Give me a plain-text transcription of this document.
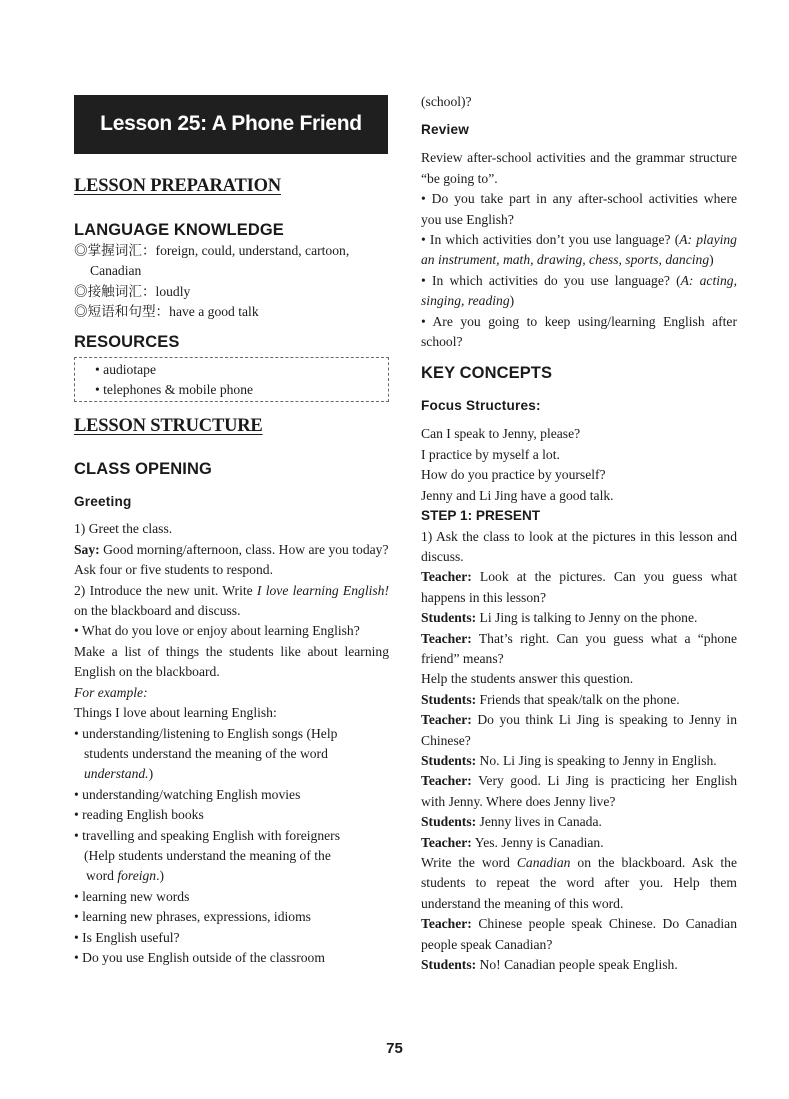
Lesson 25: A Phone Friend
LESSON PREPARATION
LANGUAGE KNOWLEDGE

◎掌握词汇：foreign, could, understand, cartoon,

Canadian

◎接触词汇：loudly

◎短语和句型：have a good talk

RESOURCES

• audiotape

• telephones & mobile phone

LESSON STRUCTURE
CLASS OPENING
Greeting

1) Greet the class.

Say: Good morning/afternoon, class. How are you today?

Ask four or five students to respond.

2) Introduce the new unit. Write I love learning English! on the blackboard and discuss.

• What do you love or enjoy about learning English?

Make a list of things the students like about learning English on the blackboard.

For example:

Things I love about learning English:

• understanding/listening to English songs (Help

students understand the meaning of the word

understand.)

• understanding/watching English movies

• reading English books

• travelling and speaking English with foreigners

(Help students understand the meaning of the

word foreign.)

• learning new words

• learning new phrases, expressions, idioms

• Is English useful?

• Do you use English outside of the classroom

(school)?

Review

Review after-school activities and the grammar structure “be going to”.

• Do you take part in any after-school activities where you use English?

• In which activities don’t you use language? (A: playing an instrument, math, drawing, chess, sports, dancing)

• In which activities do you use language? (A: acting, singing, reading)

• Are you going to keep using/learning English after school?

KEY CONCEPTS
Focus Structures:

Can I speak to Jenny, please?

I practice by myself a lot.

How do you practice by yourself?

Jenny and Li Jing have a good talk.

STEP 1: PRESENT

1) Ask the class to look at the pictures in this lesson and discuss.

Teacher: Look at the pictures. Can you guess what happens in this lesson?

Students: Li Jing is talking to Jenny on the phone.

Teacher: That’s right. Can you guess what a “phone friend” means?

Help the students answer this question.

Students: Friends that speak/talk on the phone.

Teacher: Do you think Li Jing is speaking to Jenny in Chinese?

Students: No. Li Jing is speaking to Jenny in English.

Teacher: Very good. Li Jing is practicing her English with Jenny. Where does Jenny live?

Students: Jenny lives in Canada.

Teacher: Yes. Jenny is Canadian.

Write the word Canadian on the blackboard. Ask the students to repeat the word after you. Help them understand the meaning of this word.

Teacher: Chinese people speak Chinese. Do Canadian people speak Canadian?

Students: No! Canadian people speak English.

75
